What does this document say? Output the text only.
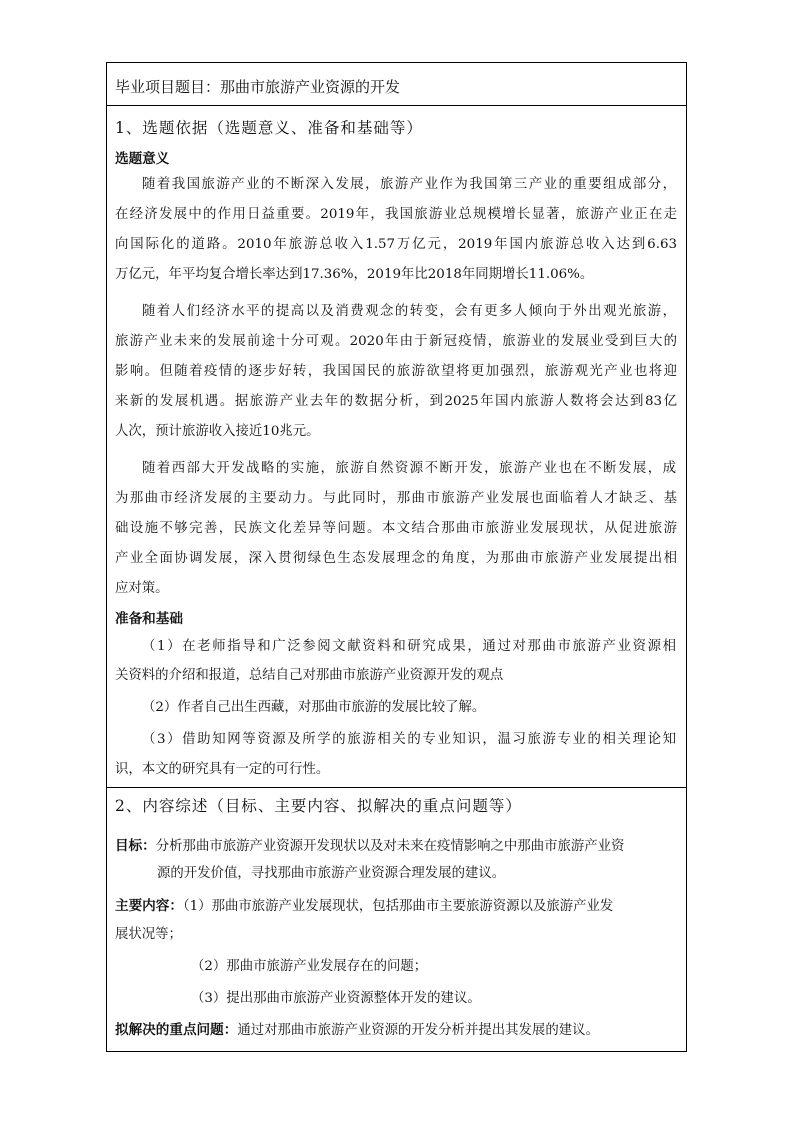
毕业项目题目：那曲市旅游产业资源的开发
1、选题依据（选题意义、准备和基础等）
选题意义
随着我国旅游产业的不断深入发展，旅游产业作为我国第三产业的重要组成部分，
在经济发展中的作用日益重要。2019年，我国旅游业总规模增长显著，旅游产业正在走
向国际化的道路。2010年旅游总收入1.57万亿元，2019年国内旅游总收入达到6.63
万亿元，年平均复合增长率达到17.36%，2019年比2018年同期增长11.06%。
随着人们经济水平的提高以及消费观念的转变，会有更多人倾向于外出观光旅游，
旅游产业未来的发展前途十分可观。2020年由于新冠疫情，旅游业的发展业受到巨大的
影响。但随着疫情的逐步好转，我国国民的旅游欲望将更加强烈，旅游观光产业也将迎
来新的发展机遇。据旅游产业去年的数据分析，到2025年国内旅游人数将会达到83亿
人次，预计旅游收入接近10兆元。
随着西部大开发战略的实施，旅游自然资源不断开发，旅游产业也在不断发展，成
为那曲市经济发展的主要动力。与此同时，那曲市旅游产业发展也面临着人才缺乏、基
础设施不够完善，民族文化差异等问题。本文结合那曲市旅游业发展现状，从促进旅游
产业全面协调发展，深入贯彻绿色生态发展理念的角度，为那曲市旅游产业发展提出相
应对策。
准备和基础
（1）在老师指导和广泛参阅文献资料和研究成果，通过对那曲市旅游产业资源相
关资料的介绍和报道，总结自己对那曲市旅游产业资源开发的观点
（2）作者自己出生西藏，对那曲市旅游的发展比较了解。
（3）借助知网等资源及所学的旅游相关的专业知识，温习旅游专业的相关理论知
识，本文的研究具有一定的可行性。
2、内容综述（目标、主要内容、拟解决的重点问题等）
目标：分析那曲市旅游产业资源开发现状以及对未来在疫情影响之中那曲市旅游产业资
源的开发价值，寻找那曲市旅游产业资源合理发展的建议。
主要内容：（1）那曲市旅游产业发展现状，包括那曲市主要旅游资源以及旅游产业发
展状况等；
（2）那曲市旅游产业发展存在的问题；
（3）提出那曲市旅游产业资源整体开发的建议。
拟解决的重点问题：通过对那曲市旅游产业资源的开发分析并提出其发展的建议。
